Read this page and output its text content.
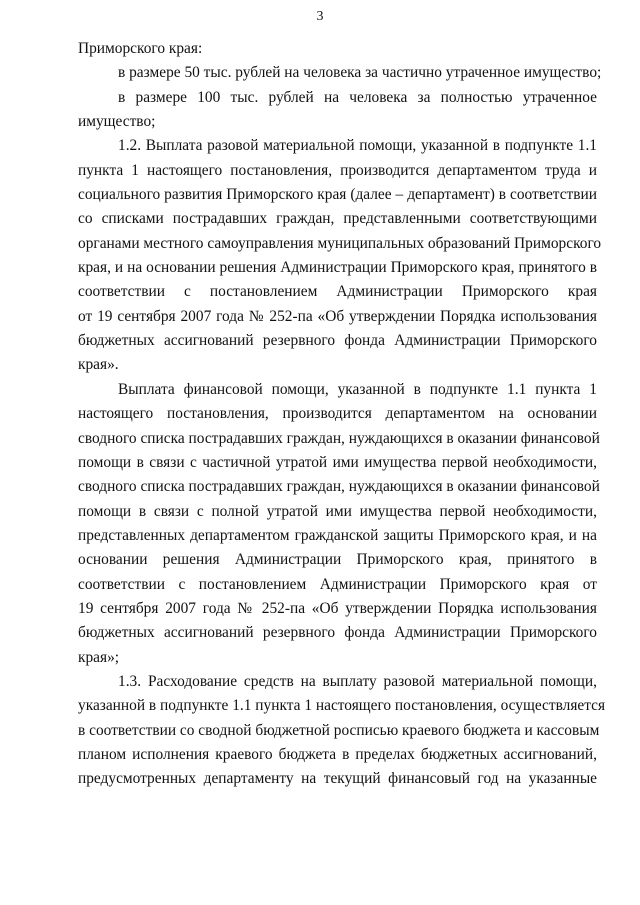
3
Приморского края:
в размере 50 тыс. рублей на человека за частично утраченное имущество;
в размере 100 тыс. рублей на человека за полностью утраченное
имущество;
1.2. Выплата разовой материальной помощи, указанной в подпункте 1.1
пункта 1 настоящего постановления, производится департаментом труда и
социального развития Приморского края (далее – департамент) в соответствии
со списками пострадавших граждан, представленными соответствующими
органами местного самоуправления муниципальных образований Приморского
края, и на основании решения Администрации Приморского края, принятого в
соответствии с постановлением Администрации Приморского края
от 19 сентября 2007 года № 252-па «Об утверждении Порядка использования
бюджетных ассигнований резервного фонда Администрации Приморского
края».
Выплата финансовой помощи, указанной в подпункте 1.1 пункта 1
настоящего постановления, производится департаментом на основании
сводного списка пострадавших граждан, нуждающихся в оказании финансовой
помощи в связи с частичной утратой ими имущества первой необходимости,
сводного списка пострадавших граждан, нуждающихся в оказании финансовой
помощи в связи с полной утратой ими имущества первой необходимости,
представленных департаментом гражданской защиты Приморского края, и на
основании решения Администрации Приморского края, принятого в
соответствии с постановлением Администрации Приморского края от
19 сентября 2007 года № 252-па «Об утверждении Порядка использования
бюджетных ассигнований резервного фонда Администрации Приморского
края»;
1.3. Расходование средств на выплату разовой материальной помощи,
указанной в подпункте 1.1 пункта 1 настоящего постановления, осуществляется
в соответствии со сводной бюджетной росписью краевого бюджета и кассовым
планом исполнения краевого бюджета в пределах бюджетных ассигнований,
предусмотренных департаменту на текущий финансовый год на указанные
